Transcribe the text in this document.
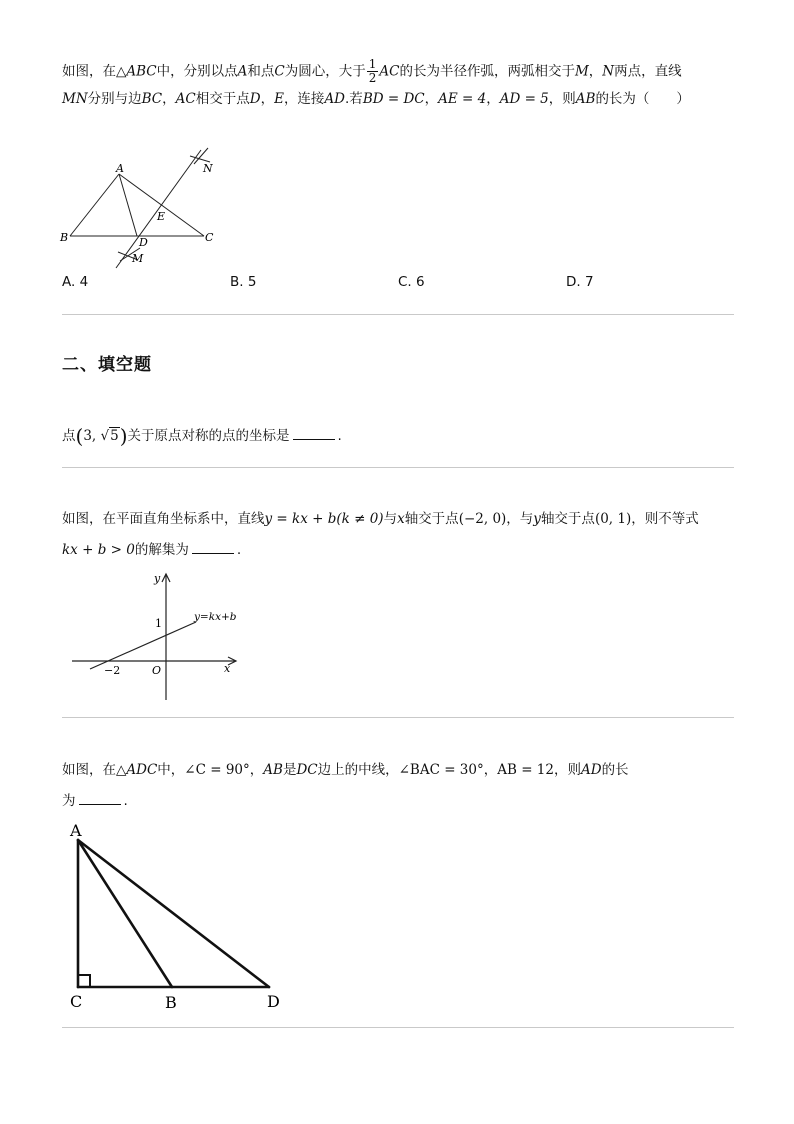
如图，在△ABC中，分别以点A和点C为圆心，大于 $\frac{1}{2}$ AC的长为半径作弧，两弧相交于M，N两点，直线
MN分别与边BC，AC相交于点D，E，连接AD.若BD = DC，AE = 4，AD = 5，则AB的长为（　　）
A
B	C
D
E
M
N
A. 4	B. 5	C. 6	D. 7
二、填空题
点(3, √5)关于原点对称的点的坐标是	.
如图，在平面直角坐标系中，直线y = kx + b(k ≠ 0)与x轴交于点(−2, 0)，与y轴交于点(0, 1)，则不等式
kx + b > 0的解集为	.
y
x
1
O
−2
y=kx+b
如图，在△ADC中，∠C = 90°，AB是DC边上的中线，∠BAC = 30°，AB = 12，则AD的长
为	.
A
C	B	D
